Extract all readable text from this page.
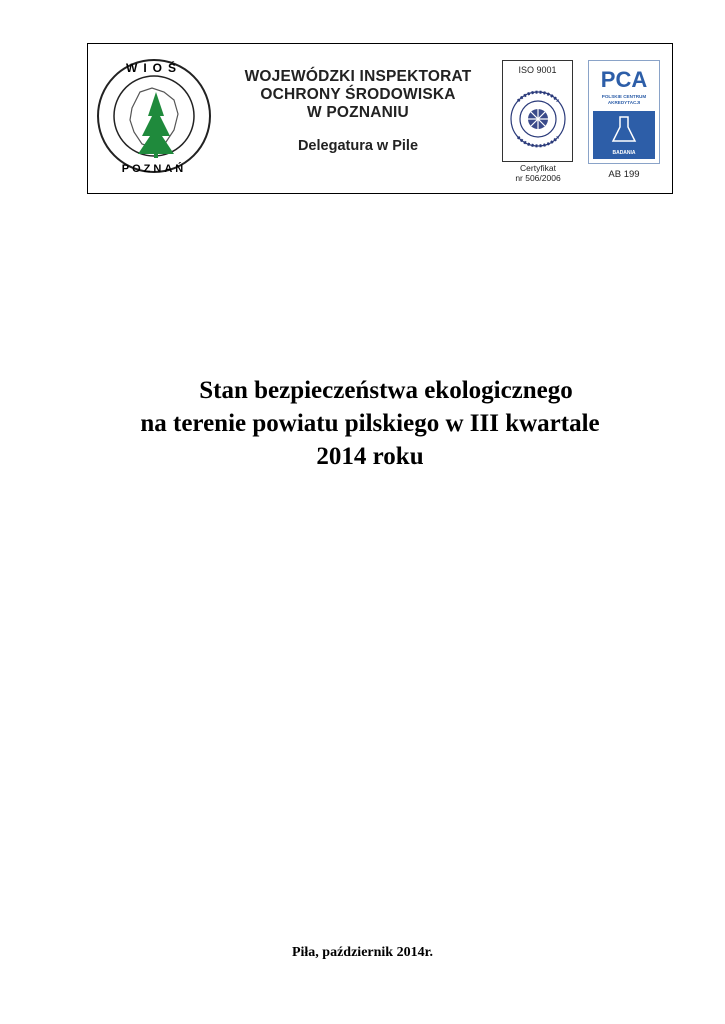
WIOŚ
POZNAŃ
WOJEWÓDZKI INSPEKTORAT
OCHRONY ŚRODOWISKA
W POZNANIU
Delegatura w Pile
ISO 9001
Certyfikat
nr 506/2006
PCA
POLSKIE CENTRUM
AKREDYTACJI
BADANIA
AB 199
Stan bezpieczeństwa ekologicznego
na terenie powiatu pilskiego w III kwartale
2014 roku
Piła, październik 2014r.
